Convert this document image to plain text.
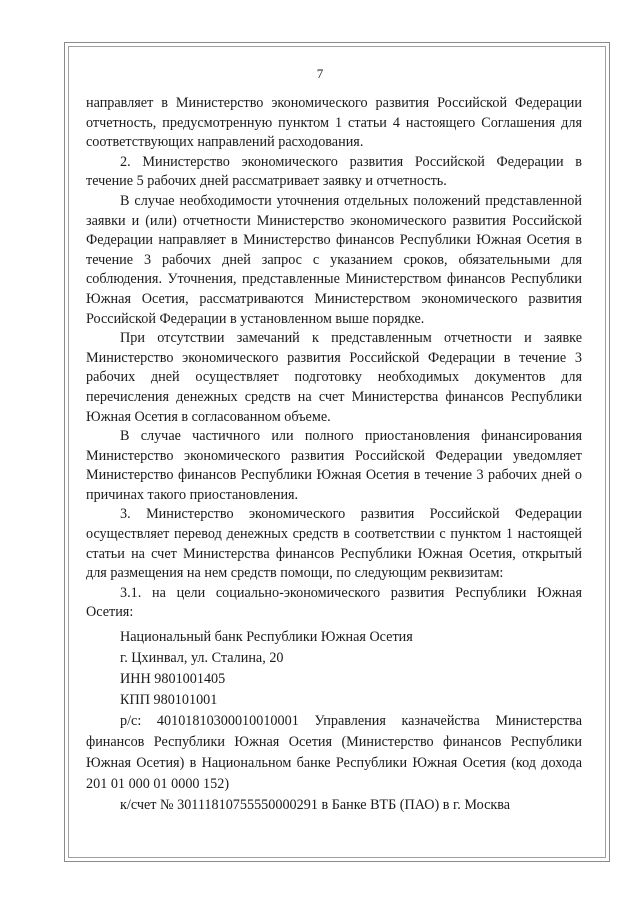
7

направляет в Министерство экономического развития Российской Федерации отчетность, предусмотренную пунктом 1 статьи 4 настоящего Соглашения для соответствующих направлений расходования.

2. Министерство экономического развития Российской Федерации в течение 5 рабочих дней рассматривает заявку и отчетность.

В случае необходимости уточнения отдельных положений представленной заявки и (или) отчетности Министерство экономического развития Российской Федерации направляет в Министерство финансов Республики Южная Осетия в течение 3 рабочих дней запрос с указанием сроков, обязательными для соблюдения. Уточнения, представленные Министерством финансов Республики Южная Осетия, рассматриваются Министерством экономического развития Российской Федерации в установленном выше порядке.

При отсутствии замечаний к представленным отчетности и заявке Министерство экономического развития Российской Федерации в течение 3 рабочих дней осуществляет подготовку необходимых документов для перечисления денежных средств на счет Министерства финансов Республики Южная Осетия в согласованном объеме.

В случае частичного или полного приостановления финансирования Министерство экономического развития Российской Федерации уведомляет Министерство финансов Республики Южная Осетия в течение 3 рабочих дней о причинах такого приостановления.

3. Министерство экономического развития Российской Федерации осуществляет перевод денежных средств в соответствии с пунктом 1 настоящей статьи на счет Министерства финансов Республики Южная Осетия, открытый для размещения на нем средств помощи, по следующим реквизитам:

3.1. на цели социально-экономического развития Республики Южная Осетия:

Национальный банк Республики Южная Осетия

г. Цхинвал, ул. Сталина, 20

ИНН 9801001405

КПП 980101001

р/с: 40101810300010010001 Управления казначейства Министерства финансов Республики Южная Осетия (Министерство финансов Республики Южная Осетия) в Национальном банке Республики Южная Осетия (код дохода 201 01 000 01 0000 152)

к/счет № 30111810755550000291 в Банке ВТБ (ПАО) в г. Москва
